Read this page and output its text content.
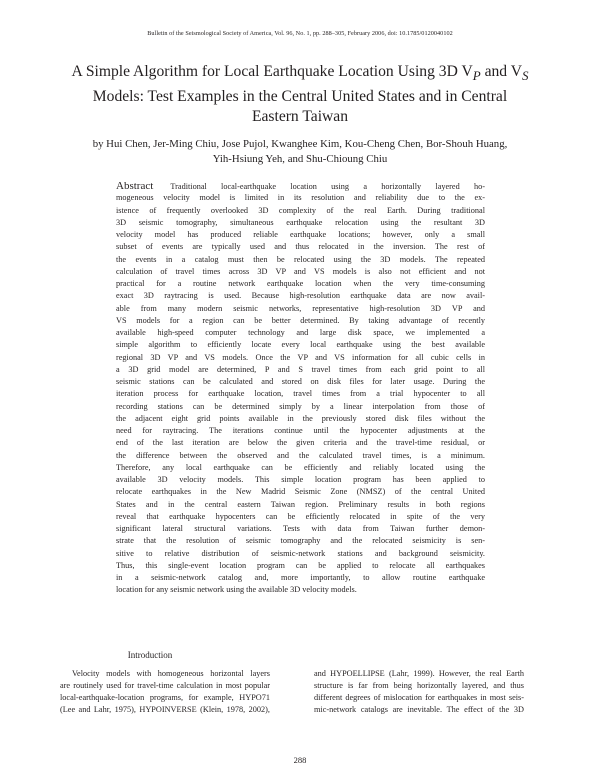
Bulletin of the Seismological Society of America, Vol. 96, No. 1, pp. 288–305, February 2006, doi: 10.1785/0120040102
A Simple Algorithm for Local Earthquake Location Using 3D $V_P$ and $V_S$
Models: Test Examples in the Central United States and in Central
Eastern Taiwan
by Hui Chen, Jer-Ming Chiu, Jose Pujol, Kwanghee Kim, Kou-Cheng Chen, Bor-Shouh Huang,
Yih-Hsiung Yeh, and Shu-Chioung Chiu
Abstract Traditional local-earthquake location using a horizontally layered ho-
mogeneous velocity model is limited in its resolution and reliability due to the ex-
istence of frequently overlooked 3D complexity of the real Earth. During traditional
3D seismic tomography, simultaneous earthquake relocation using the resultant 3D
velocity model has produced reliable earthquake locations; however, only a small
subset of events are typically used and thus relocated in the inversion. The rest of
the events in a catalog must then be relocated using the 3D models. The repeated
calculation of travel times across 3D VP and VS models is also not efficient and not
practical for a routine network earthquake location when the very time-consuming
exact 3D raytracing is used. Because high-resolution earthquake data are now avail-
able from many modern seismic networks, representative high-resolution 3D VP and
VS models for a region can be better determined. By taking advantage of recently
available high-speed computer technology and large disk space, we implemented a
simple algorithm to efficiently locate every local earthquake using the best available
regional 3D VP and VS models. Once the VP and VS information for all cubic cells in
a 3D grid model are determined, P and S travel times from each grid point to all
seismic stations can be calculated and stored on disk files for later usage. During the
iteration process for earthquake location, travel times from a trial hypocenter to all
recording stations can be determined simply by a linear interpolation from those of
the adjacent eight grid points available in the previously stored disk files without the
need for raytracing. The iterations continue until the hypocenter adjustments at the
end of the last iteration are below the given criteria and the travel-time residual, or
the difference between the observed and the calculated travel times, is a minimum.
Therefore, any local earthquake can be efficiently and reliably located using the
available 3D velocity models. This simple location program has been applied to
relocate earthquakes in the New Madrid Seismic Zone (NMSZ) of the central United
States and in the central eastern Taiwan region. Preliminary results in both regions
reveal that earthquake hypocenters can be efficiently relocated in spite of the very
significant lateral structural variations. Tests with data from Taiwan further demon-
strate that the resolution of seismic tomography and the relocated seismicity is sen-
sitive to relative distribution of seismic-network stations and background seismicity.
Thus, this single-event location program can be applied to relocate all earthquakes
in a seismic-network catalog and, more importantly, to allow routine earthquake
location for any seismic network using the available 3D velocity models.
Introduction
Velocity models with homogeneous horizontal layers
are routinely used for travel-time calculation in most popular
local-earthquake-location programs, for example, HYPO71
(Lee and Lahr, 1975), HYPOINVERSE (Klein, 1978, 2002),
and HYPOELLIPSE (Lahr, 1999). However, the real Earth
structure is far from being horizontally layered, and thus
different degrees of mislocation for earthquakes in most seis-
mic-network catalogs are inevitable. The effect of the 3D
288
